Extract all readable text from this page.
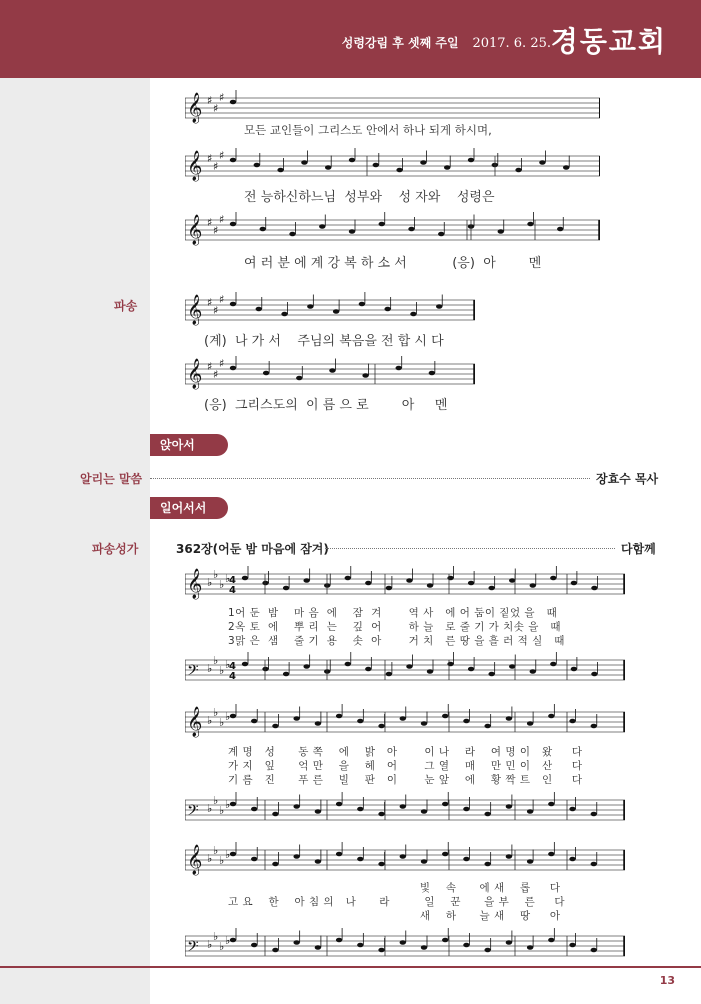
성령강림 후 셋째 주일 2017. 6. 25. 경동교회
𝄞 ♯
♯
♯
모든 교인들이 그리스도 안에서 하나 되게 하시며,
𝄞 ♯
♯
♯
전 능하신하느님  성부와    성 자와    성령은
𝄞 ♯
♯
♯
여 러 분 에 계 강 복 하 소 서           (응)  아        멘
파송 𝄞 ♯
♯
♯
(계)  나 가 서    주님의 복음을 전 합 시 다
𝄞 ♯
♯
♯
(응)  그리스도의  이 름 으 로        아     멘
앉아서
알리는 말씀	장효수 목사
일어서서
파송성가	362장(어둔 밤 마음에 잠겨)	다함께
𝄞 ♭
♭
♭ ♭
4
4
1어 둔  밤    마 음  에    잠  겨       역 사   에 어 둠이 짙었 을   때
2옥 토  에    뿌 리  는    깊  어       하 늘   로 줄 기 가 치솟 을   때
3맑 은  샘    줄 기  용    솟  아       거 치   른 땅 을 흘 러 적 실   때
𝄢 ♭
♭
♭ ♭
4
4
𝄞 ♭
♭
♭ ♭
계 명   성      동 쪽    에    밝   아       이 나    라    여 명 이   왔     다
가 지   잎      억 만    을    헤   어       그 열    매    만 민 이   산     다
기 름   진      푸 른    빌    판   이       눈 앞    에    황 짝 트   인     다
𝄢 ♭
♭
♭ ♭
𝄞 ♭
♭
♭ ♭
빛    속      에 새    롭     다
고 요    한    아 침 의   나      라         일    꾼      을 부    른     다
새    하      늘 새    땅     아
𝄢 ♭
♭
♭ ♭
13
